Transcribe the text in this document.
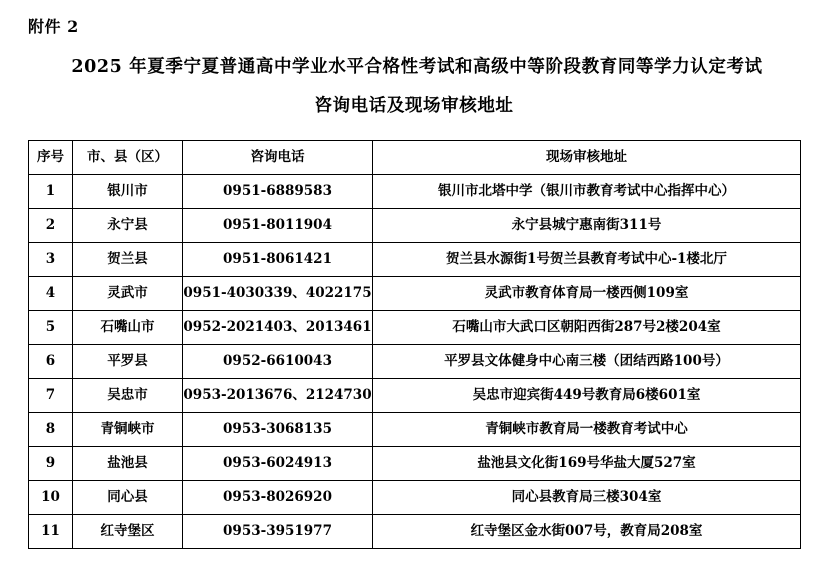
附件 2
2025 年夏季宁夏普通高中学业水平合格性考试和高级中等阶段教育同等学力认定考试
咨询电话及现场审核地址
序号	市、县（区）	咨询电话	现场审核地址
1	银川市	0951-6889583	银川市北塔中学（银川市教育考试中心指挥中心）
2	永宁县	0951-8011904	永宁县城宁惠南街311号
3	贺兰县	0951-8061421	贺兰县水源街1号贺兰县教育考试中心-1楼北厅
4	灵武市	0951-4030339、4022175	灵武市教育体育局一楼西侧109室
5	石嘴山市	0952-2021403、2013461	石嘴山市大武口区朝阳西街287号2楼204室
6	平罗县	0952-6610043	平罗县文体健身中心南三楼（团结西路100号）
7	吴忠市	0953-2013676、2124730	吴忠市迎宾街449号教育局6楼601室
8	青铜峡市	0953-3068135	青铜峡市教育局一楼教育考试中心
9	盐池县	0953-6024913	盐池县文化街169号华盐大厦527室
10	同心县	0953-8026920	同心县教育局三楼304室
11	红寺堡区	0953-3951977	红寺堡区金水街007号，教育局208室
